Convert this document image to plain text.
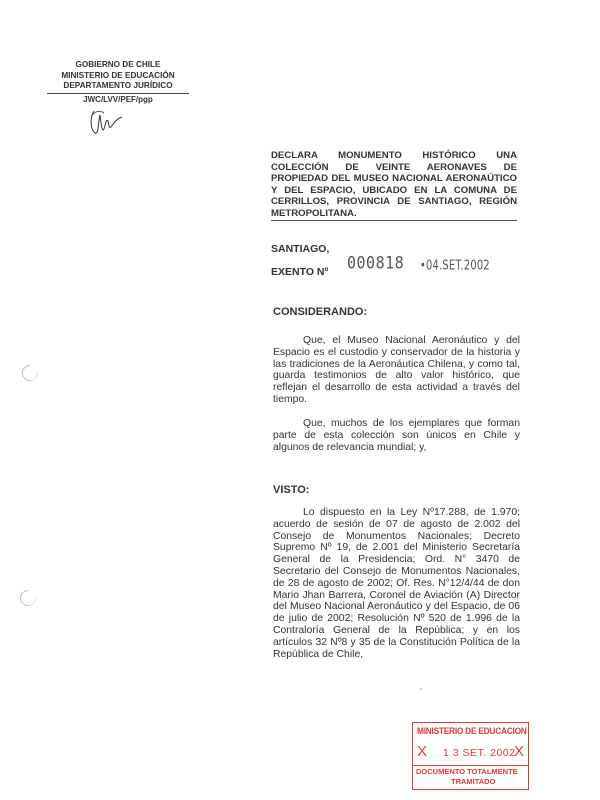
GOBIERNO DE CHILE
MINISTERIO DE EDUCACIÓN
DEPARTAMENTO JURÍDICO
JWC/LVV/PEF/pgp
DECLARA MONUMENTO HISTÓRICO UNA COLECCIÓN DE VEINTE AERONAVES DE PROPIEDAD DEL MUSEO NACIONAL AERONAÚTICO Y DEL ESPACIO, UBICADO EN LA COMUNA DE CERRILLOS, PROVINCIA DE SANTIAGO, REGIÓN METROPOLITANA.
SANTIAGO,
EXENTO Nº 000818 •04.SET.2002
CONSIDERANDO:
Que, el Museo Nacional Aeronáutico y del Espacio es el custodio y conservador de la historia y las tradiciones de la Aeronáutica Chilena, y como tal, guarda testimonios de alto valor histórico, que reflejan el desarrollo de esta actividad a través del tiempo.
Que, muchos de los ejemplares que forman parte de esta colección son únicos en Chile y algunos de relevancia mundial; y,
VISTO:
Lo dispuesto en la Ley Nº17.288, de 1.970; acuerdo de sesión de 07 de agosto de 2.002 del Consejo de Monumentos Nacionales; Decreto Supremo Nº 19, de 2.001 del Ministerio Secretaría General de la Presidencia; Ord. N° 3470 de Secretario del Consejo de Monumentos Nacionales, de 28 de agosto de 2002; Of. Res. N°12/4/44 de don Mario Jhan Barrera, Coronel de Aviación (A) Director del Museo Nacional Aeronáutico y del Espacio, de 06 de julio de 2002; Resolución Nº 520 de 1.996 de la Contraloría General de la República; y en los artículos 32 Nº8 y 35 de la Constitución Política de la República de Chile,
MINISTERIO DE EDUCACION
X 1 3 SET. 2002
X
DOCUMENTO TOTALMENTE
TRAMITADO
